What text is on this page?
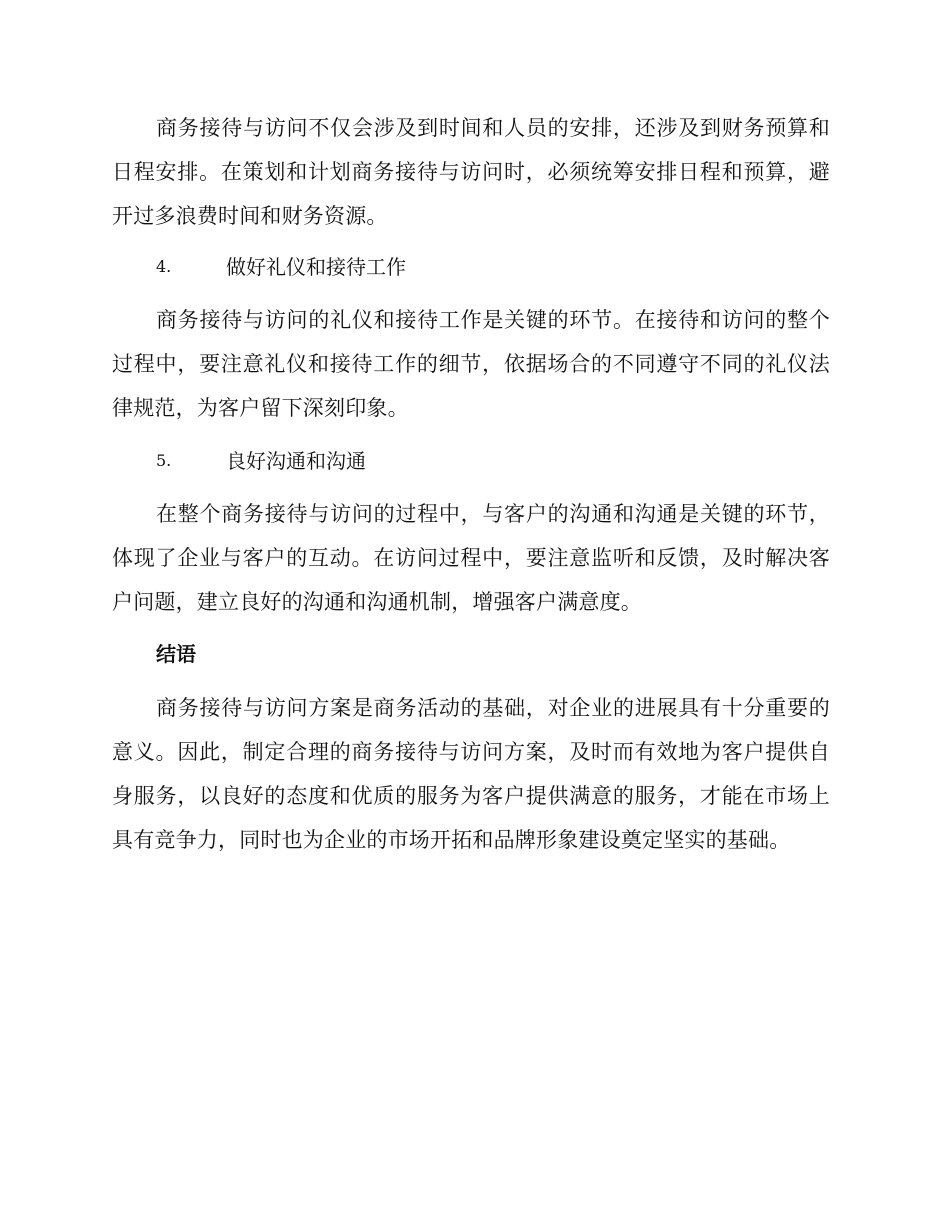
商务接待与访问不仅会涉及到时间和人员的安排，还涉及到财务预算和日程安排。在策划和计划商务接待与访问时，必须统筹安排日程和预算，避开过多浪费时间和财务资源。

4.	做好礼仪和接待工作

商务接待与访问的礼仪和接待工作是关键的环节。在接待和访问的整个过程中，要注意礼仪和接待工作的细节，依据场合的不同遵守不同的礼仪法律规范，为客户留下深刻印象。

5.	良好沟通和沟通

在整个商务接待与访问的过程中，与客户的沟通和沟通是关键的环节，体现了企业与客户的互动。在访问过程中，要注意监听和反馈，及时解决客户问题，建立良好的沟通和沟通机制，增强客户满意度。

结语

商务接待与访问方案是商务活动的基础，对企业的进展具有十分重要的意义。因此，制定合理的商务接待与访问方案，及时而有效地为客户提供自身服务，以良好的态度和优质的服务为客户提供满意的服务，才能在市场上具有竞争力，同时也为企业的市场开拓和品牌形象建设奠定坚实的基础。
